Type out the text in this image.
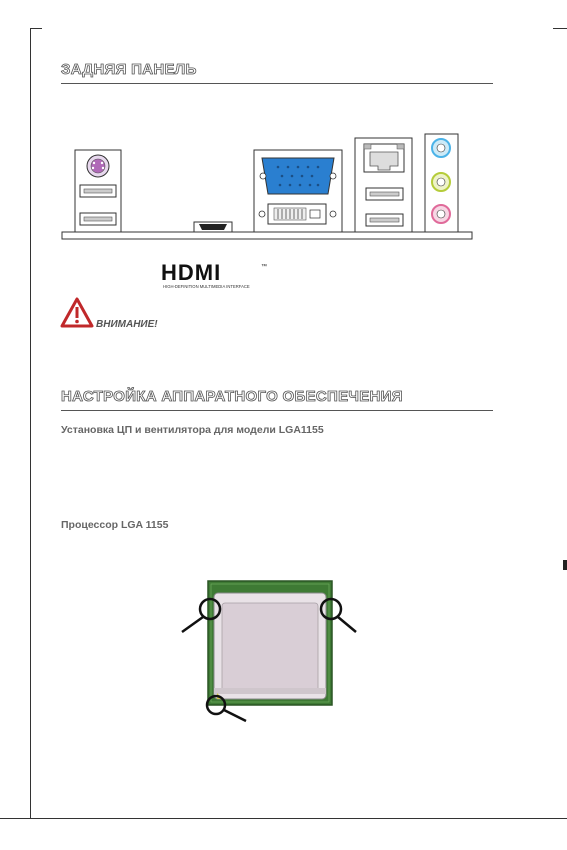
ЗАДНЯЯ ПАНЕЛЬ
HDMI	™
HIGH-DEFINITION MULTIMEDIA INTERFACE
ВНИМАНИЕ!
НАСТРОЙКА АППАРАТНОГО ОБЕСПЕЧЕНИЯ
Установка ЦП и вентилятора для модели LGA1155
Процессор LGA 1155
